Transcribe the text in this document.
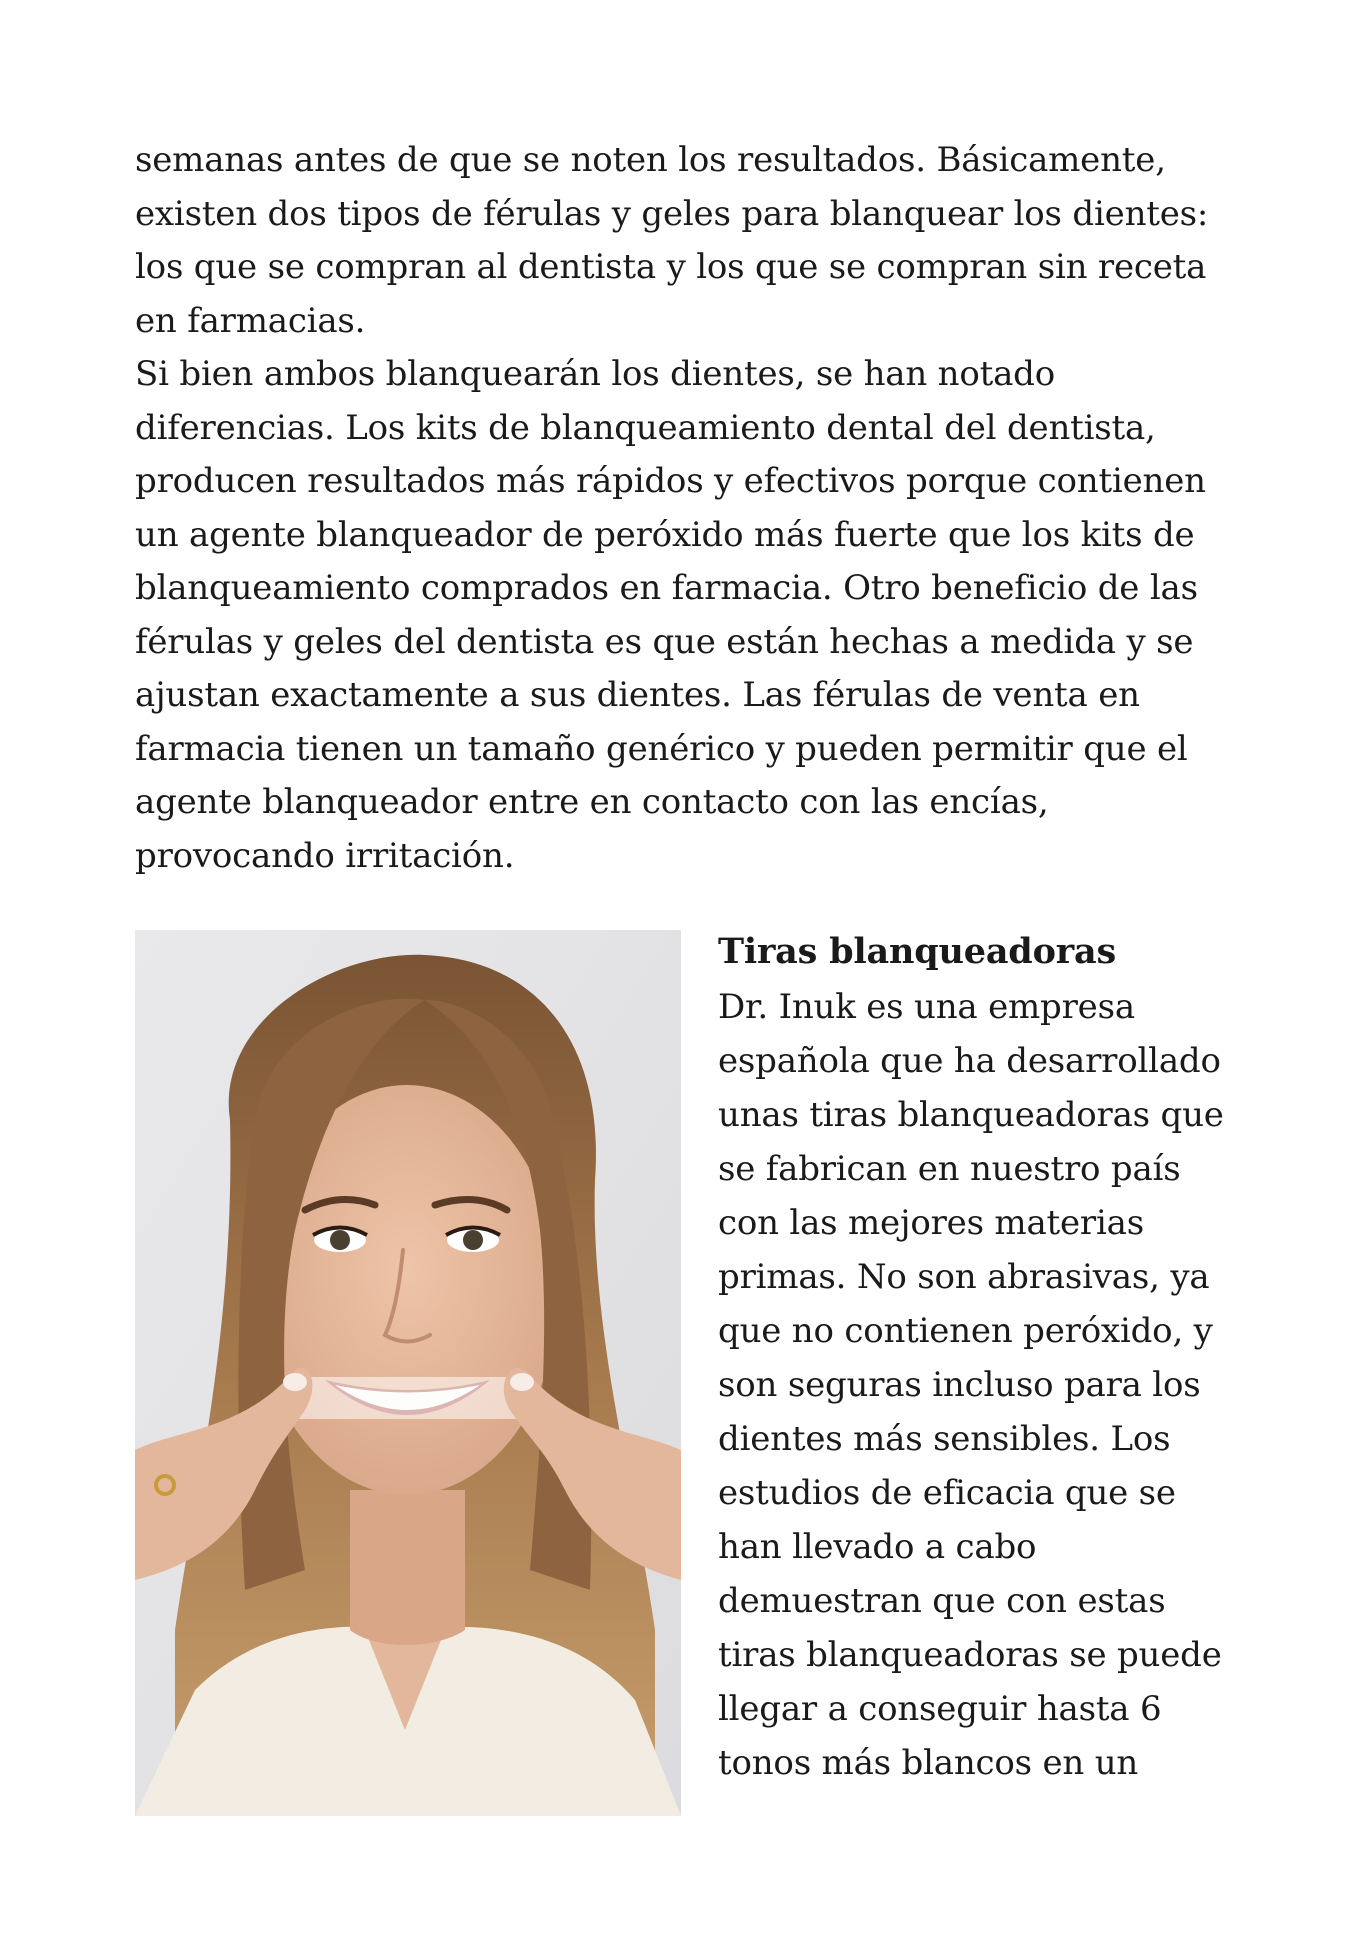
semanas antes de que se noten los resultados. Básicamente, existen dos tipos de férulas y geles para blanquear los dientes: los que se compran al dentista y los que se compran sin receta en farmacias.

Si bien ambos blanquearán los dientes, se han notado diferencias. Los kits de blanqueamiento dental del dentista, producen resultados más rápidos y efectivos porque contienen un agente blanqueador de peróxido más fuerte que los kits de blanqueamiento comprados en farmacia. Otro beneficio de las férulas y geles del dentista es que están hechas a medida y se ajustan exactamente a sus dientes. Las férulas de venta en farmacia tienen un tamaño genérico y pueden permitir que el agente blanqueador entre en contacto con las encías, provocando irritación.

Tiras blanqueadoras

Dr. Inuk es una empresa española que ha desarrollado unas tiras blanqueadoras que se fabrican en nuestro país con las mejores materias primas. No son abrasivas, ya que no contienen peróxido, y son seguras incluso para los dientes más sensibles. Los estudios de eficacia que se han llevado a cabo demuestran que con estas tiras blanqueadoras se puede llegar a conseguir hasta 6 tonos más blancos en un
